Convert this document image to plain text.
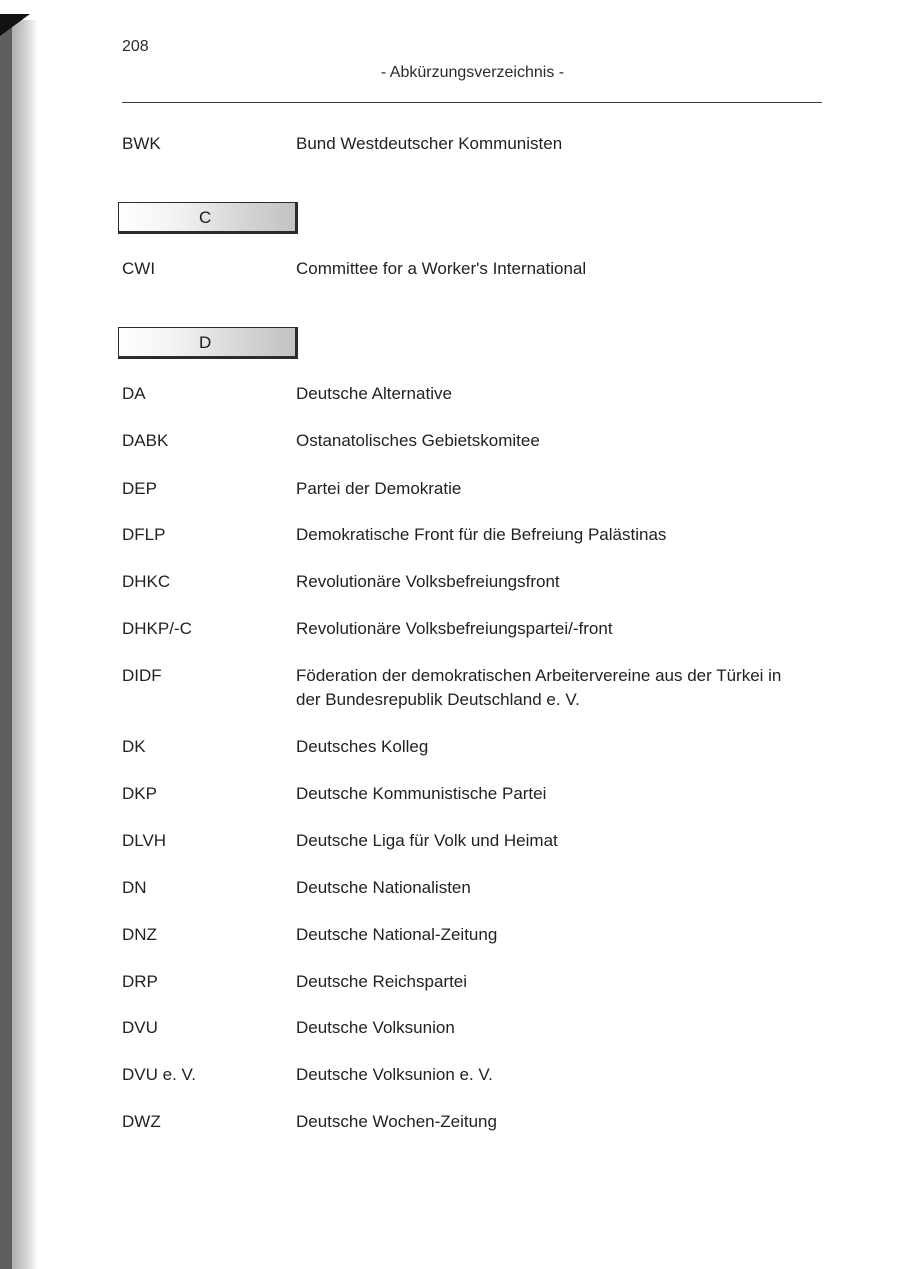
208
- Abkürzungsverzeichnis -
BWK	Bund Westdeutscher Kommunisten
C
CWI	Committee for a Worker's International
D
DA	Deutsche Alternative
DABK	Ostanatolisches Gebietskomitee
DEP	Partei der Demokratie
DFLP	Demokratische Front für die Befreiung Palästinas
DHKC	Revolutionäre Volksbefreiungsfront
DHKP/-C	Revolutionäre Volksbefreiungspartei/-front
DIDF	Föderation der demokratischen Arbeitervereine aus der Türkei in der Bundesrepublik Deutschland e. V.
DK	Deutsches Kolleg
DKP	Deutsche Kommunistische Partei
DLVH	Deutsche Liga für Volk und Heimat
DN	Deutsche Nationalisten
DNZ	Deutsche National-Zeitung
DRP	Deutsche Reichspartei
DVU	Deutsche Volksunion
DVU e. V.	Deutsche Volksunion e. V.
DWZ	Deutsche Wochen-Zeitung
